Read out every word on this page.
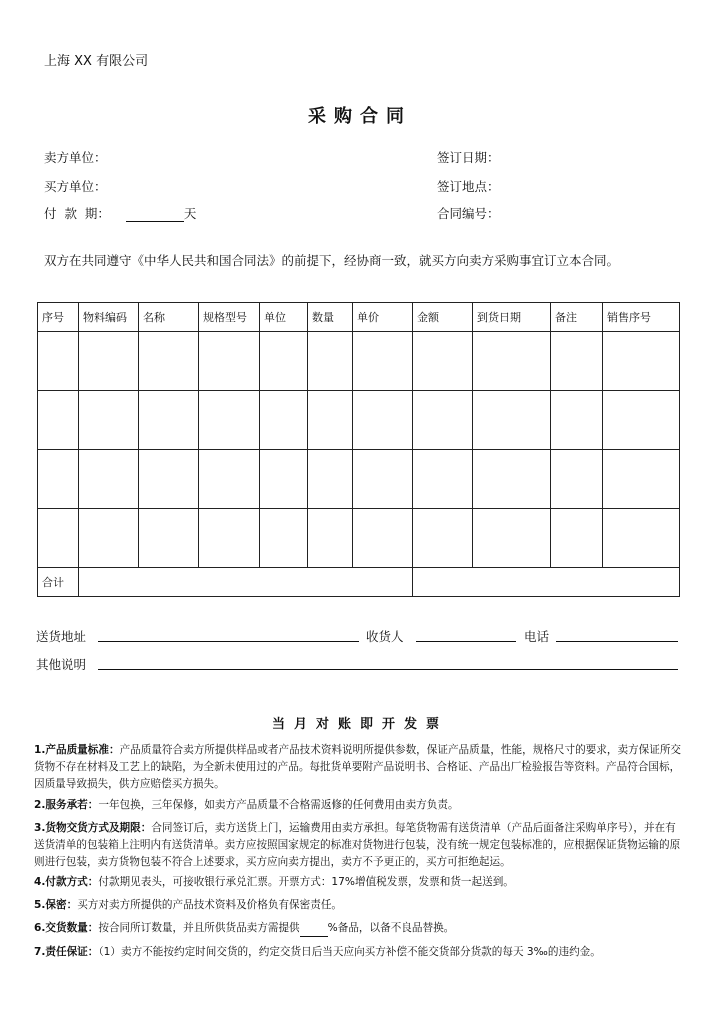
上海 XX 有限公司
采购合同
卖方单位：
买方单位：
付  款  期：	天
签订日期：
签订地点：
合同编号：
双方在共同遵守《中华人民共和国合同法》的前提下，经协商一致，就买方向卖方采购事宜订立本合同。
序号	物料编码	名称	规格型号	单位	数量	单价	金额	到货日期	备注	销售序号

合计										
送货地址	收货人	电话
其他说明
当月对账即开发票
1.产品质量标准：产品质量符合卖方所提供样品或者产品技术资料说明所提供参数，保证产品质量，性能，规格尺寸的要求，卖方保证所交货物不存在材料及工艺上的缺陷，为全新未使用过的产品。每批货单要附产品说明书、合格证、产品出厂检验报告等资料。产品符合国标，因质量导致损失，供方应赔偿买方损失。
2.服务承若：一年包换，三年保修，如卖方产品质量不合格需返修的任何费用由卖方负责。
3.货物交货方式及期限：合同签订后，卖方送货上门，运输费用由卖方承担。每笔货物需有送货清单（产品后面备注采购单序号），并在有送货清单的包装箱上注明内有送货清单。卖方应按照国家规定的标准对货物进行包装，没有统一规定包装标准的，应根据保证货物运输的原则进行包装，卖方货物包装不符合上述要求，买方应向卖方提出，卖方不予更正的，买方可拒绝起运。
4.付款方式：付款期见表头，可接收银行承兑汇票。开票方式：17%增值税发票，发票和货一起送到。
5.保密：买方对卖方所提供的产品技术资料及价格负有保密责任。
6.交货数量：按合同所订数量，并且所供货品卖方需提供	%备品，以备不良品替换。
7.责任保证：（1）卖方不能按约定时间交货的，约定交货日后当天应向买方补偿不能交货部分货款的每天 3‰的违约金。
